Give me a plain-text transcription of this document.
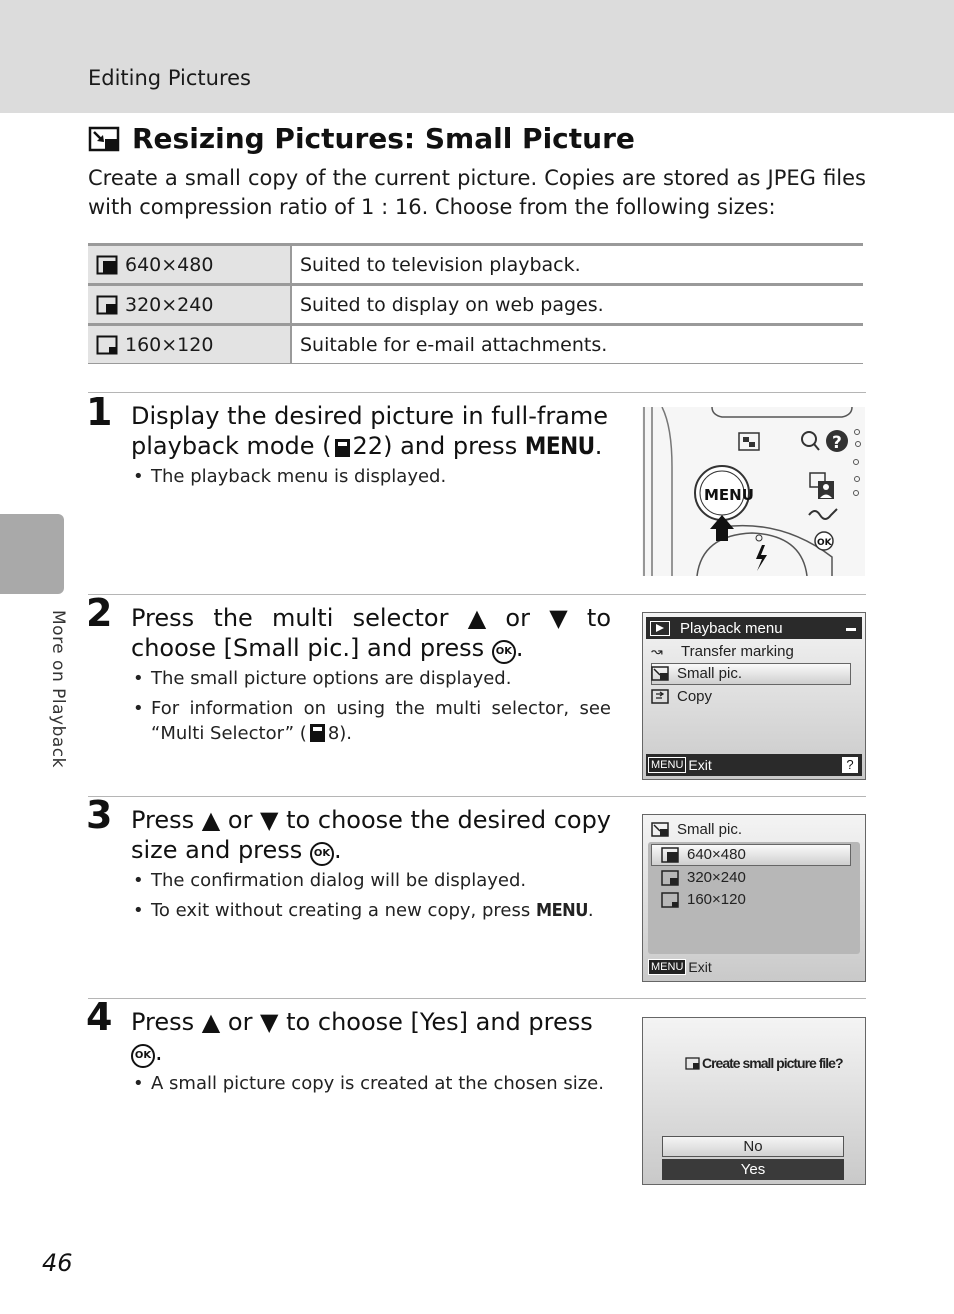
Editing Pictures
More on Playback
Resizing Pictures: Small Picture
Create a small copy of the current picture. Copies are stored as JPEG files with compression ratio of 1 : 16. Choose from the following sizes:
640×480	Suited to television playback.

320×240	Suited to display on web pages.

160×120	Suitable for e-mail attachments.
1 Display the desired picture in full-frame
playback mode ( 22) and press MENU.
• The playback menu is displayed.
?
MENU
OK
2 Press the multi selector ▲ or ▼ to
choose [Small pic.] and press OK .
• The small picture options are displayed.
• For information on using the multi selector, see “Multi Selector” ( 8).
Playback menu	▬
↝	Transfer marking
Small pic.
Copy
MENU Exit	?
3 Press ▲ or ▼ to choose the desired copy
size and press OK .
• The confirmation dialog will be displayed.
• To exit without creating a new copy, press MENU.
Small pic.
640×480
320×240
160×120
MENU Exit
4 Press ▲ or ▼ to choose [Yes] and press
OK .
• A small picture copy is created at the chosen size.
Create small picture file?
No
Yes
46
